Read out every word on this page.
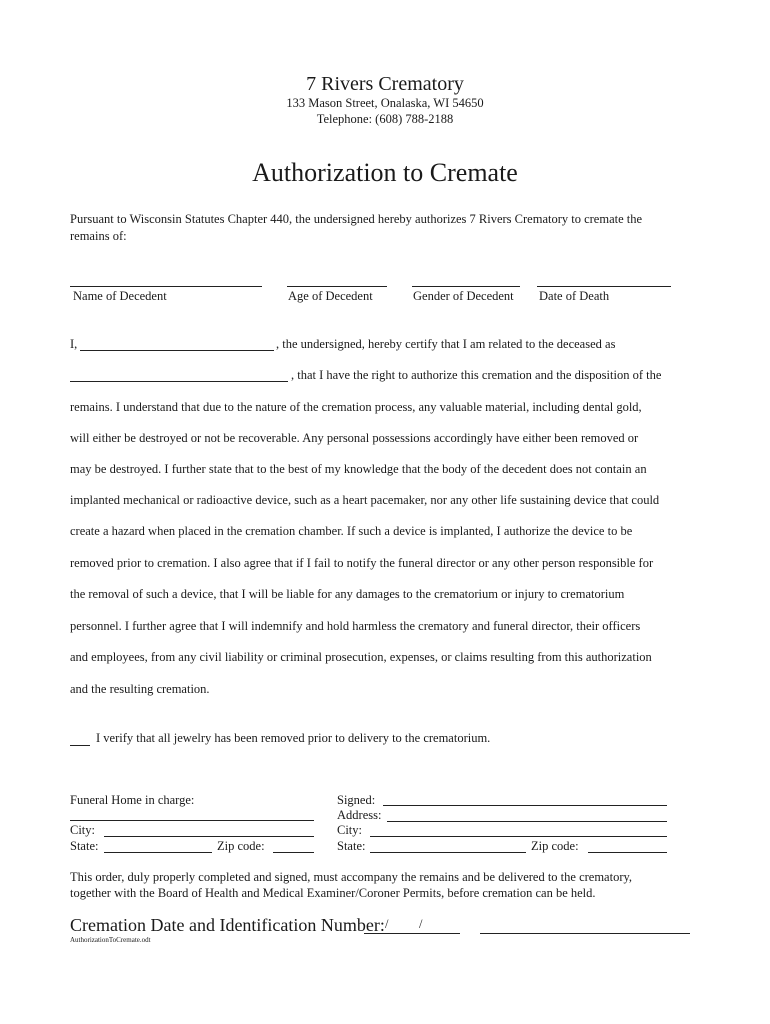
7 Rivers Crematory
133 Mason Street, Onalaska, WI 54650
Telephone: (608) 788-2188
Authorization to Cremate
Pursuant to Wisconsin Statutes Chapter 440, the undersigned hereby authorizes 7 Rivers Crematory to cremate the
remains of:
Name of Decedent	Age of Decedent	Gender of Decedent Date of Death
I,	, the undersigned, hereby certify that I am related to the deceased as
, that I have the right to authorize this cremation and the disposition of the
remains. I understand that due to the nature of the cremation process, any valuable material, including dental gold,
will either be destroyed or not be recoverable. Any personal possessions accordingly have either been removed or
may be destroyed. I further state that to the best of my knowledge that the body of the decedent does not contain an
implanted mechanical or radioactive device, such as a heart pacemaker, nor any other life sustaining device that could
create a hazard when placed in the cremation chamber. If such a device is implanted, I authorize the device to be
removed prior to cremation. I also agree that if I fail to notify the funeral director or any other person responsible for
the removal of such a device, that I will be liable for any damages to the crematorium or injury to crematorium
personnel. I further agree that I will indemnify and hold harmless the crematory and funeral director, their officers
and employees, from any civil liability or criminal prosecution, expenses, or claims resulting from this authorization
and the resulting cremation.
I verify that all jewelry has been removed prior to delivery to the crematorium.
Funeral Home in charge:
City:
State:	Zip code:
Signed:
Address:
City:
State:	Zip code:
This order, duly properly completed and signed, must accompany the remains and be delivered to the crematory,
together with the Board of Health and Medical Examiner/Coroner Permits, before cremation can be held.
Cremation Date and Identification Number: / /
AuthorizationToCremate.odt
